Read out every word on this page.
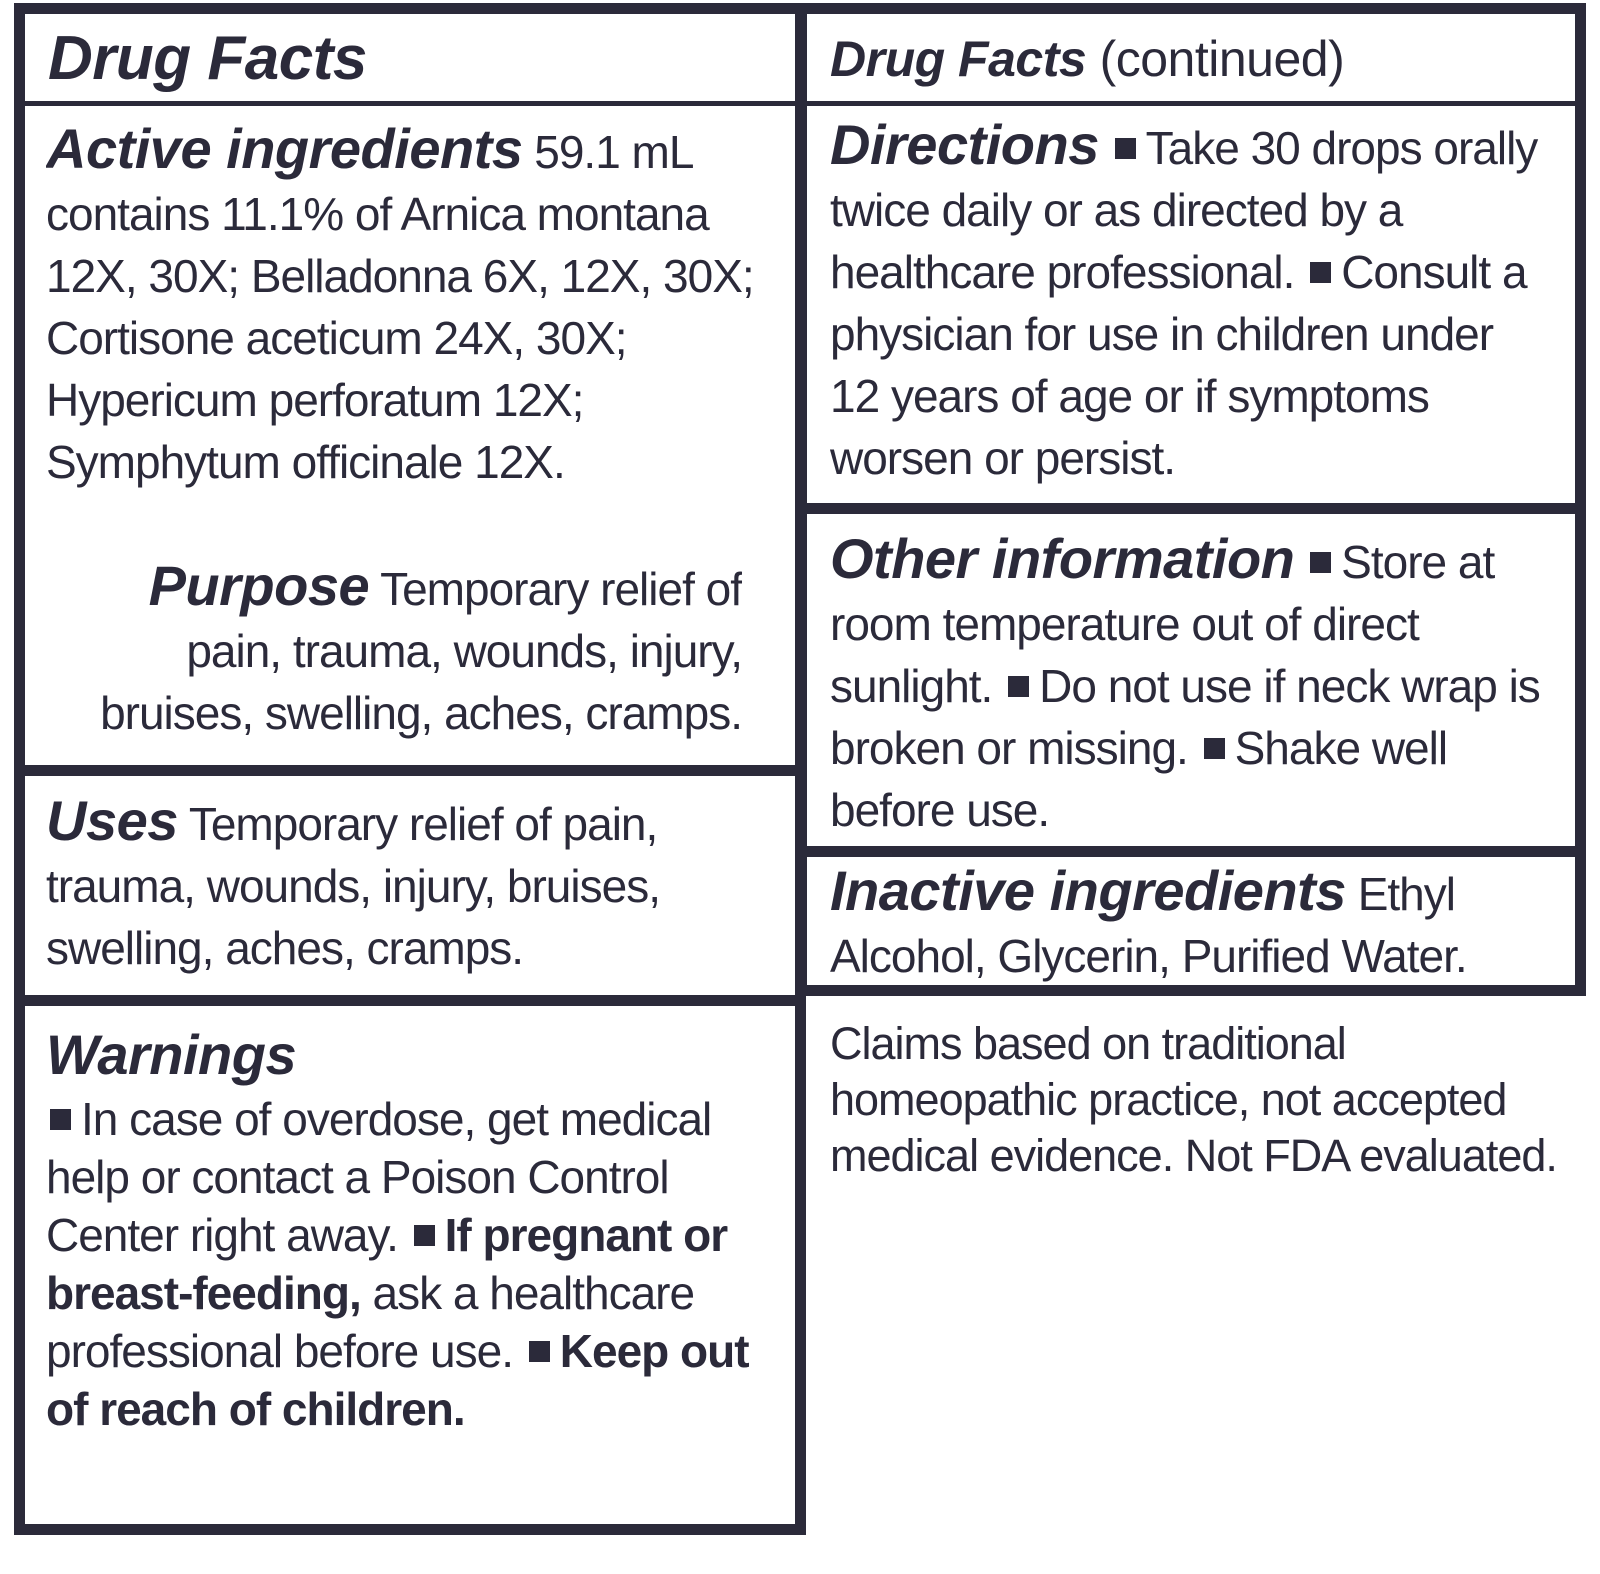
Drug Facts

Active ingredients 59.1 mL contains 11.1% of Arnica montana 12X, 30X; Belladonna 6X, 12X, 30X; Cortisone aceticum 24X, 30X; Hypericum perforatum 12X; Symphytum officinale 12X.

Purpose Temporary relief of pain, trauma, wounds, injury, bruises, swelling, aches, cramps.

Uses Temporary relief of pain, trauma, wounds, injury, bruises, swelling, aches, cramps.

Warnings

In case of overdose, get medical help or contact a Poison Control Center right away. If pregnant or breast-feeding, ask a healthcare professional before use. Keep out of reach of children.

Drug Facts (continued)

Directions Take 30 drops orally twice daily or as directed by a healthcare professional. Consult a physician for use in children under 12 years of age or if symptoms worsen or persist.

Other information Store at room temperature out of direct sunlight. Do not use if neck wrap is broken or missing. Shake well before use.

Inactive ingredients Ethyl Alcohol, Glycerin, Purified Water.

Claims based on traditional homeopathic practice, not accepted medical evidence. Not FDA evaluated.
